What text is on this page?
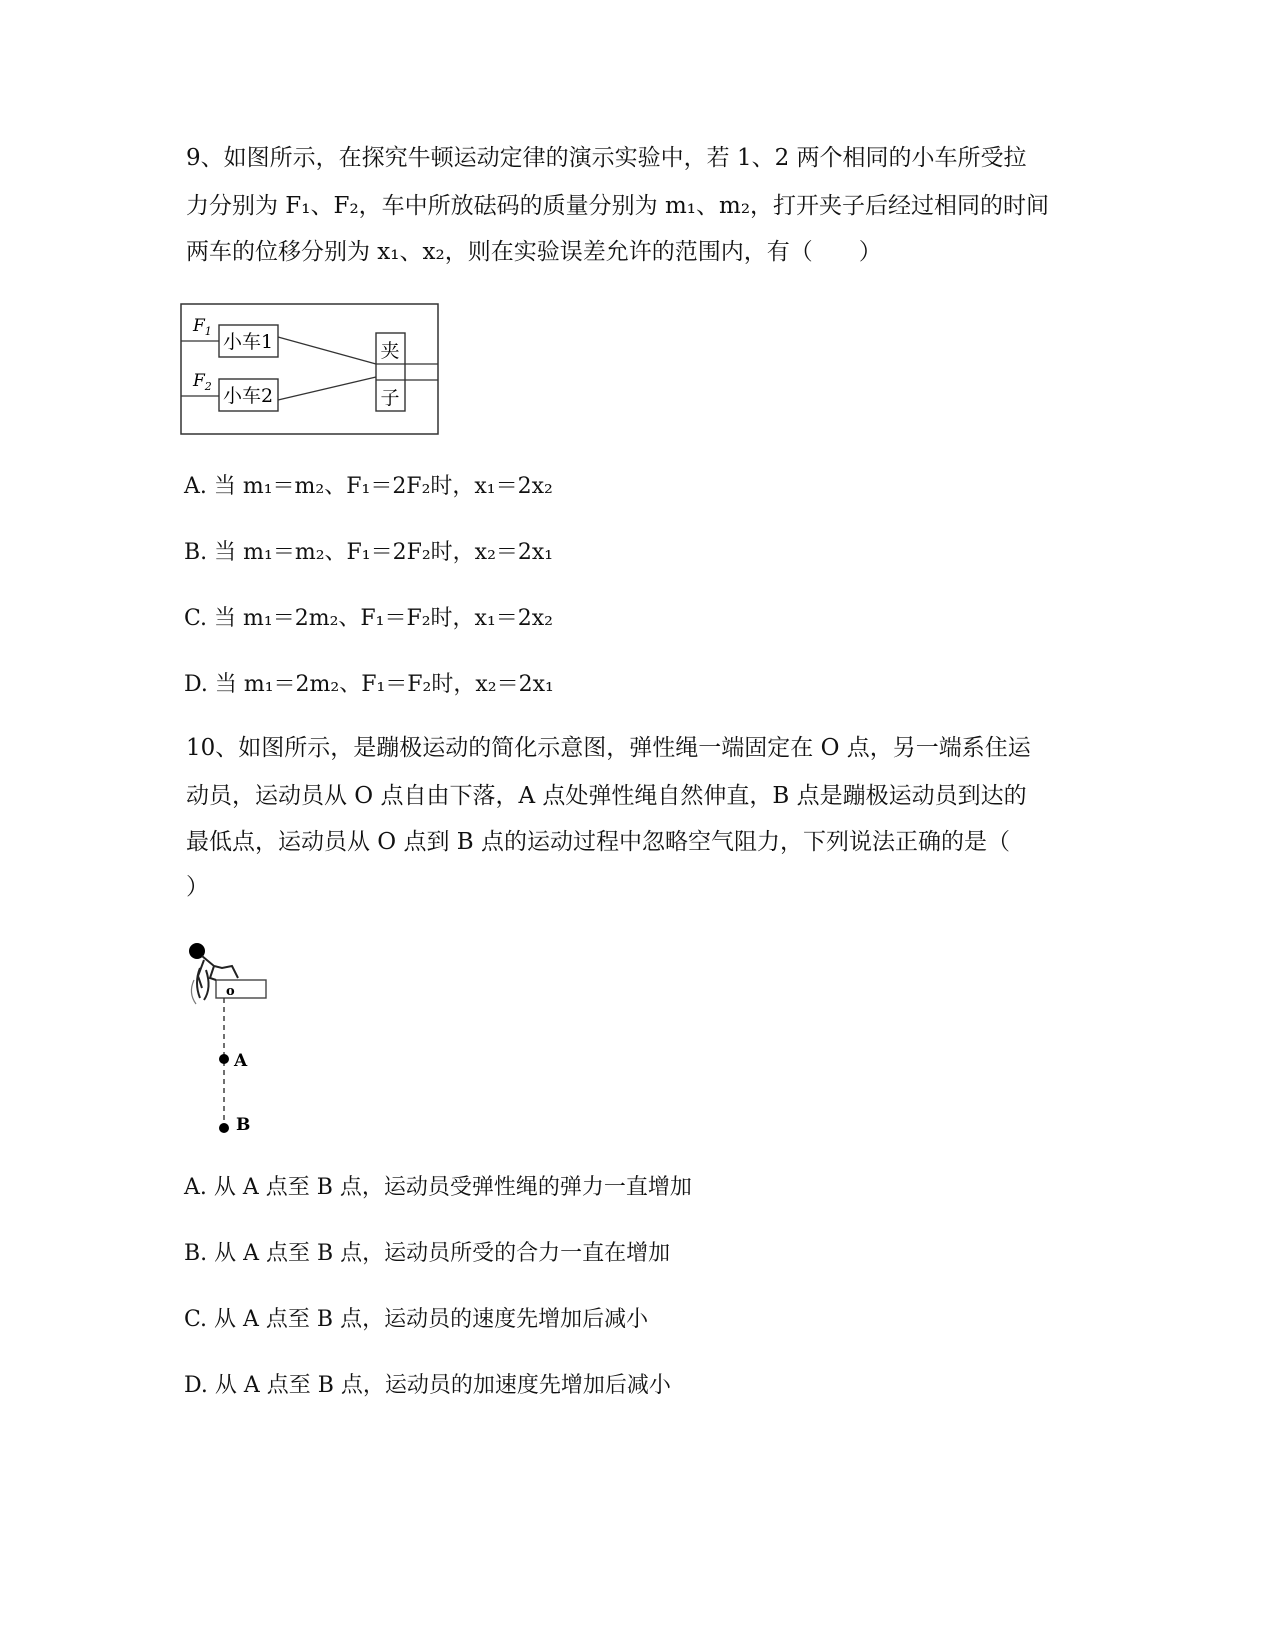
9、如图所示，在探究牛顿运动定律的演示实验中，若 1、2 两个相同的小车所受拉
力分别为 F₁、F₂，车中所放砝码的质量分别为 m₁、m₂，打开夹子后经过相同的时间
两车的位移分别为 x₁、x₂，则在实验误差允许的范围内，有（　　）
$F_1$
$F_2$
小车1
小车2
夹
子
A. 当 m₁＝m₂、F₁＝2F₂时，x₁＝2x₂
B. 当 m₁＝m₂、F₁＝2F₂时，x₂＝2x₁
C. 当 m₁＝2m₂、F₁＝F₂时，x₁＝2x₂
D. 当 m₁＝2m₂、F₁＝F₂时，x₂＝2x₁
10、如图所示，是蹦极运动的简化示意图，弹性绳一端固定在 O 点，另一端系住运
动员，运动员从 O 点自由下落，A 点处弹性绳自然伸直，B 点是蹦极运动员到达的
最低点，运动员从 O 点到 B 点的运动过程中忽略空气阻力，下列说法正确的是（
）
o
A
B
A. 从 A 点至 B 点，运动员受弹性绳的弹力一直增加
B. 从 A 点至 B 点，运动员所受的合力一直在增加
C. 从 A 点至 B 点，运动员的速度先增加后减小
D. 从 A 点至 B 点，运动员的加速度先增加后减小
